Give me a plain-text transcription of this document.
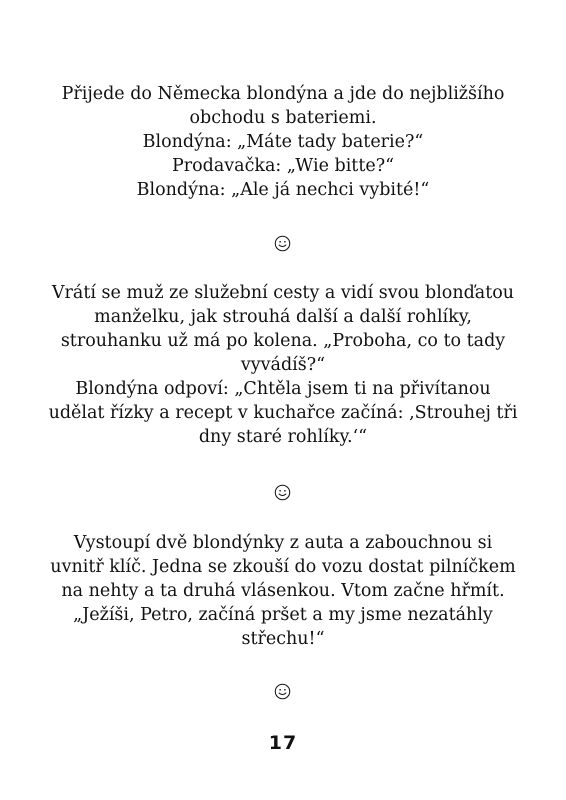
Přijede do Německa blondýna a jde do nejbližšího
obchodu s bateriemi.
Blondýna: „Máte tady baterie?“
Prodavačka: „Wie bitte?“
Blondýna: „Ale já nechci vybité!“
Vrátí se muž ze služební cesty a vidí svou blonďatou
manželku, jak strouhá další a další rohlíky,
strouhanku už má po kolena. „Proboha, co to tady
vyvádíš?“
Blondýna odpoví: „Chtěla jsem ti na přivítanou
udělat řízky a recept v kuchařce začíná: ‚Strouhej tři
dny staré rohlíky.‘“
Vystoupí dvě blondýnky z auta a zabouchnou si
uvnitř klíč. Jedna se zkouší do vozu dostat pilníčkem
na nehty a ta druhá vlásenkou. Vtom začne hřmít.
„Ježíši, Petro, začíná pršet a my jsme nezatáhly
střechu!“
17
